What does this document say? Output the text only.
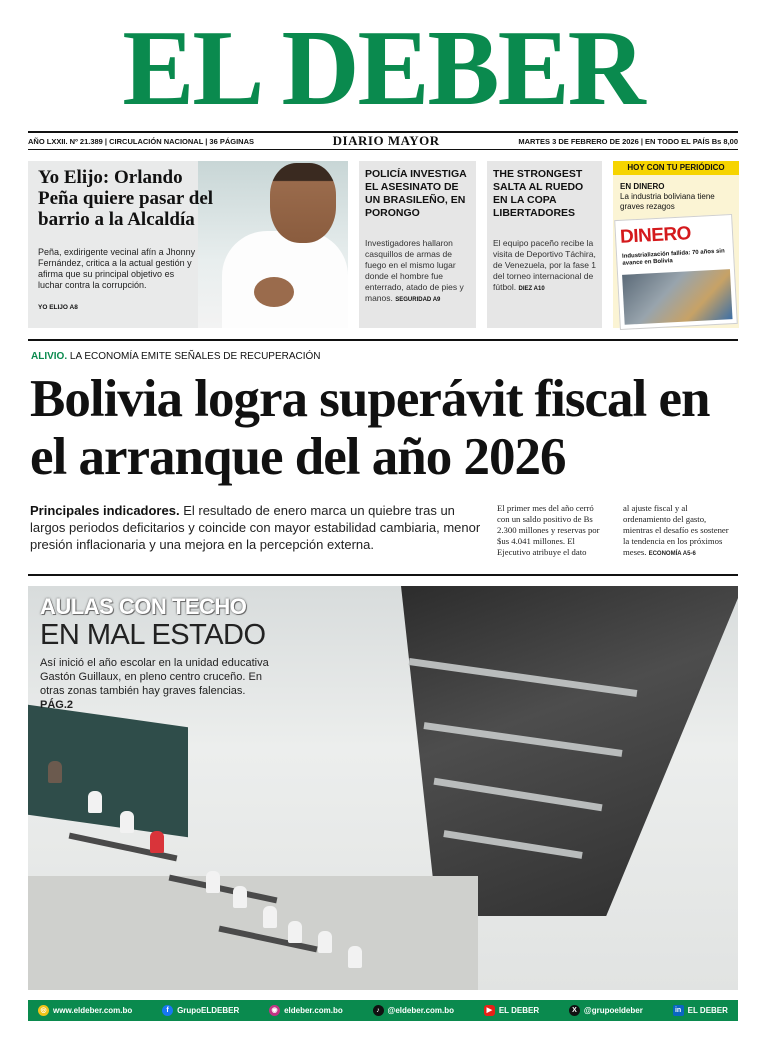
EL DEBER
AÑO LXXII. Nº 21.389 | CIRCULACIÓN NACIONAL | 36 PÁGINAS	DIARIO MAYOR	MARTES 3 DE FEBRERO DE 2026 | EN TODO EL PAÍS Bs 8,00
Yo Elijo: Orlando Peña quiere pasar del barrio a la Alcaldía
Peña, exdirigente vecinal afín a Jhonny Fernández, critica a la actual gestión y afirma que su principal objetivo es luchar contra la corrupción.
YO ELIJO A8
POLICÍA INVESTIGA EL ASESINATO DE UN BRASILEÑO, EN PORONGO
Investigadores hallaron casquillos de armas de fuego en el mismo lugar donde el hombre fue enterrado, atado de pies y manos. SEGURIDAD A9
THE STRONGEST SALTA AL RUEDO EN LA COPA LIBERTADORES
El equipo paceño recibe la visita de Deportivo Táchira, de Venezuela, por la fase 1 del torneo internacional de fútbol. DIEZ A10
HOY CON TU PERIÓDICO
EN DINERO
La industria boliviana tiene graves rezagos
DINERO
Industrialización fallida: 70 años sin avance en Bolivia
ALIVIO. LA ECONOMÍA EMITE SEÑALES DE RECUPERACIÓN
Bolivia logra superávit fiscal en el arranque del año 2026
Principales indicadores. El resultado de enero marca un quiebre tras un largos periodos deficitarios y coincide con mayor estabilidad cambiaria, menor presión inflacionaria y una mejora en la percepción externa.
El primer mes del año cerró con un saldo positivo de Bs 2.300 millones y reservas por $us 4.041 millones. El Ejecutivo atribuye el dato
al ajuste fiscal y al ordenamiento del gasto, mientras el desafío es sostener la tendencia en los próximos meses. ECONOMÍA A5-6
AULAS CON TECHO
EN MAL ESTADO
Así inició el año escolar en la unidad educativa Gastón Guillaux, en pleno centro cruceño. En otras zonas también hay graves falencias. PÁG.2
◎ www.eldeber.com.bo	f	GrupoELDEBER	◉ eldeber.com.bo	♪ @eldeber.com.bo	▶ EL DEBER	X @grupoeldeber	in EL DEBER
